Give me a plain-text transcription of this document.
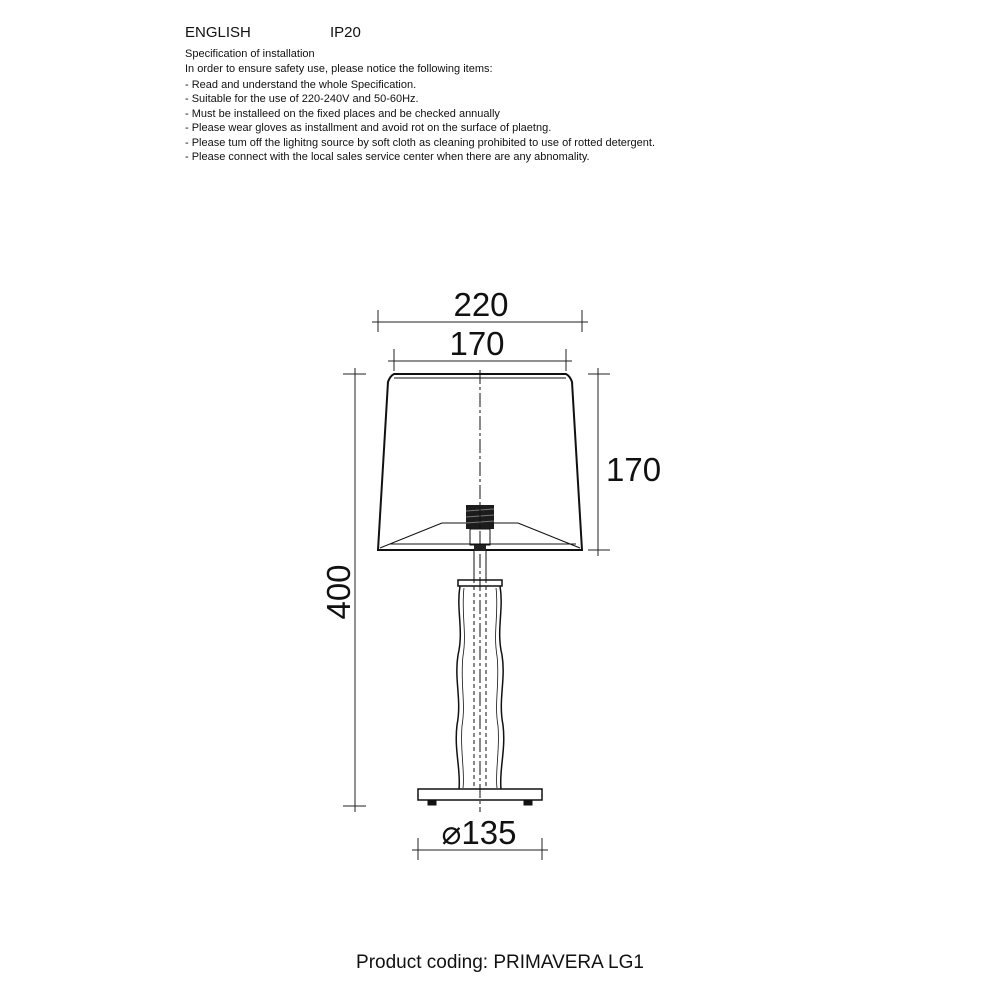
ENGLISH	IP20
Specification of installation
In order to ensure safety use, please notice the following items:
- Read and understand the whole Specification.
- Suitable for the use of 220-240V and 50-60Hz.
- Must be installeed on the fixed places and be checked annually
- Please wear gloves as installment and avoid rot on the surface of plaetng.
- Please tum off the lighitng source by soft cloth as cleaning prohibited to use of rotted detergent.
- Please connect with the local sales service center when there are any abnomality.
220
170
170
400
⌀135
Product coding: PRIMAVERA LG1
